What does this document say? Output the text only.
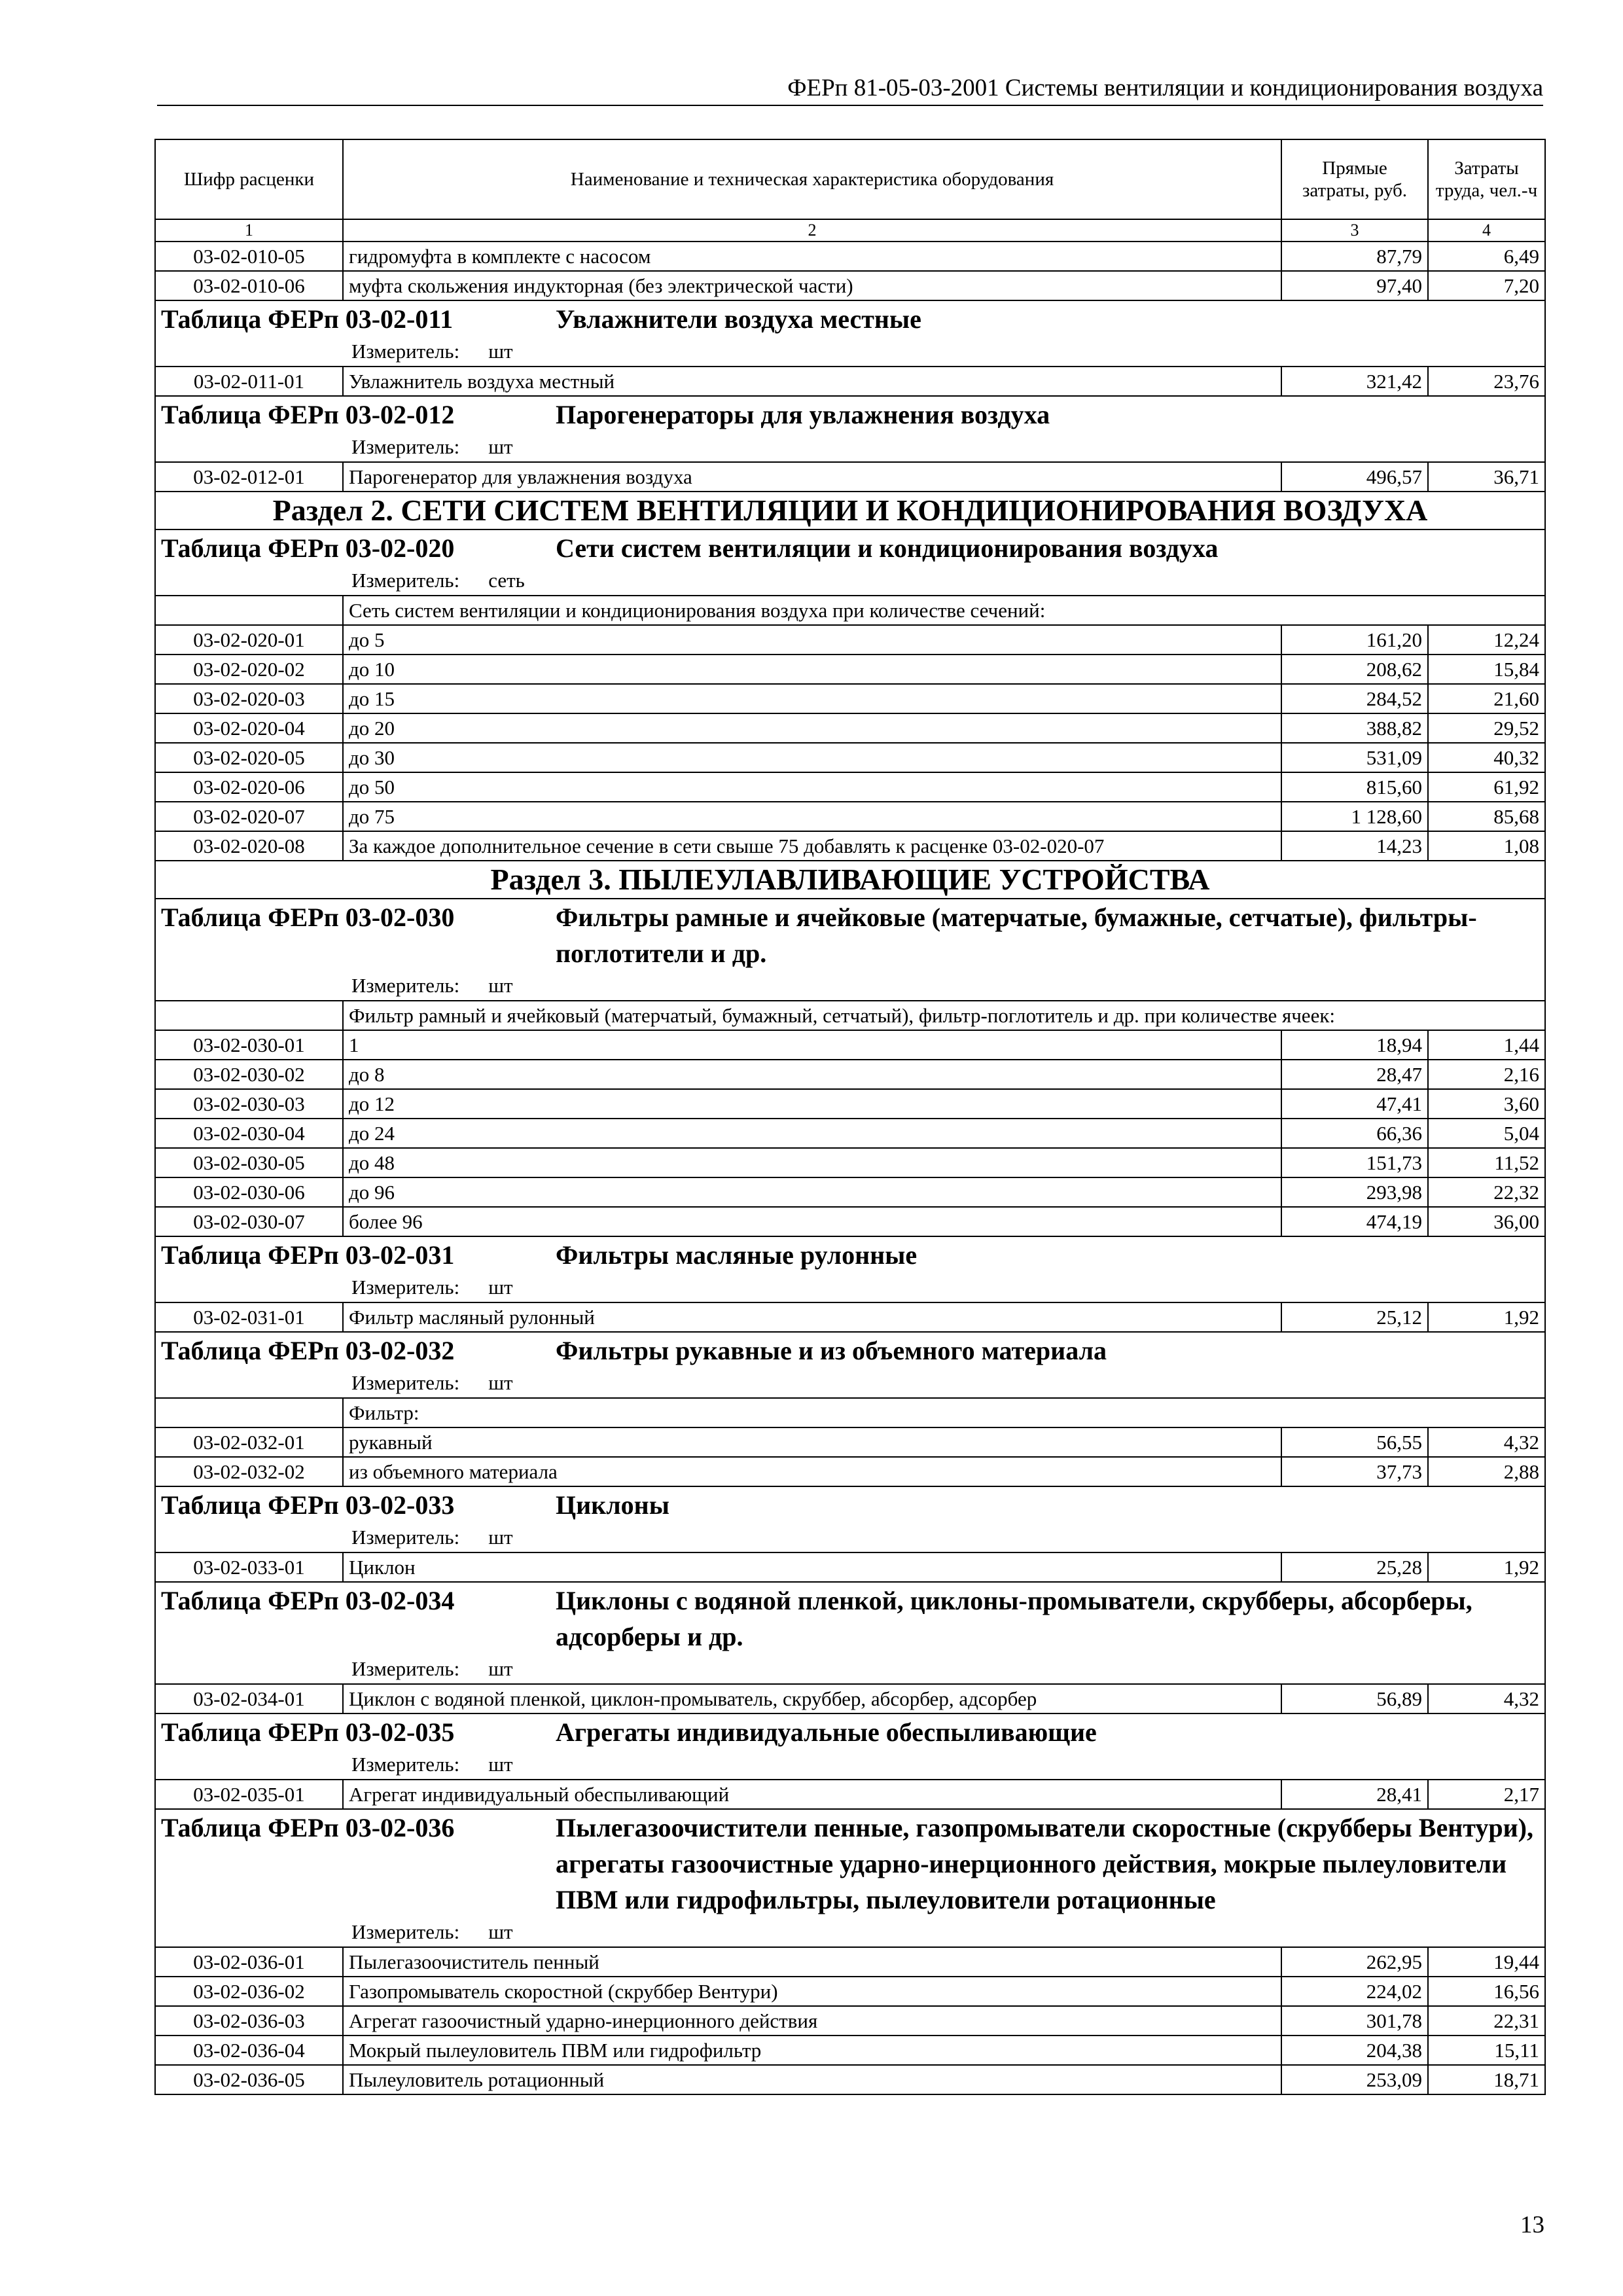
ФЕРп 81-05-03-2001 Системы вентиляции и кондиционирования воздуха
Шифр расценки	Наименование и техническая характеристика оборудования	Прямые затраты, руб.	Затраты труда, чел.-ч
1	2	3	4
03-02-010-05	гидромуфта в комплекте с насосом	87,79	6,49
03-02-010-06	муфта скольжения индукторная (без электрической части)	97,40	7,20

Таблица ФЕРп 03-02-011 Увлажнители воздуха местные			

Измеритель: шт			

03-02-011-01	Увлажнитель воздуха местный	321,42	23,76

Таблица ФЕРп 03-02-012 Парогенераторы для увлажнения воздуха			

Измеритель: шт			

03-02-012-01	Парогенератор для увлажнения воздуха	496,57	36,71
Раздел 2. СЕТИ СИСТЕМ ВЕНТИЛЯЦИИ И КОНДИЦИОНИРОВАНИЯ ВОЗДУХА			

Таблица ФЕРп 03-02-020 Сети систем вентиляции и кондиционирования воздуха			

Измеритель: сеть			

	Сеть систем вентиляции и кондиционирования воздуха при количестве сечений:		
03-02-020-01	до 5	161,20	12,24
03-02-020-02	до 10	208,62	15,84
03-02-020-03	до 15	284,52	21,60
03-02-020-04	до 20	388,82	29,52
03-02-020-05	до 30	531,09	40,32
03-02-020-06	до 50	815,60	61,92
03-02-020-07	до 75	1 128,60	85,68
03-02-020-08	За каждое дополнительное сечение в сети свыше 75 добавлять к расценке 03-02-020-07	14,23	1,08
Раздел 3. ПЫЛЕУЛАВЛИВАЮЩИЕ УСТРОЙСТВА			

Таблица ФЕРп 03-02-030 Фильтры рамные и ячейковые (матерчатые, бумажные, сетчатые), фильтры-поглотители и др.			

Измеритель: шт			

	Фильтр рамный и ячейковый (матерчатый, бумажный, сетчатый), фильтр-поглотитель и др. при количестве ячеек:		
03-02-030-01	1	18,94	1,44
03-02-030-02	до 8	28,47	2,16
03-02-030-03	до 12	47,41	3,60
03-02-030-04	до 24	66,36	5,04
03-02-030-05	до 48	151,73	11,52
03-02-030-06	до 96	293,98	22,32
03-02-030-07	более 96	474,19	36,00

Таблица ФЕРп 03-02-031 Фильтры масляные рулонные			

Измеритель: шт			

03-02-031-01	Фильтр масляный рулонный	25,12	1,92

Таблица ФЕРп 03-02-032 Фильтры рукавные и из объемного материала			

Измеритель: шт			

	Фильтр:		
03-02-032-01	рукавный	56,55	4,32
03-02-032-02	из объемного материала	37,73	2,88

Таблица ФЕРп 03-02-033 Циклоны			

Измеритель: шт			

03-02-033-01	Циклон	25,28	1,92

Таблица ФЕРп 03-02-034 Циклоны с водяной пленкой, циклоны-промыватели, скрубберы, абсорберы, адсорберы и др.			

Измеритель: шт			

03-02-034-01	Циклон с водяной пленкой, циклон-промыватель, скруббер, абсорбер, адсорбер	56,89	4,32

Таблица ФЕРп 03-02-035 Агрегаты индивидуальные обеспыливающие			

Измеритель: шт			

03-02-035-01	Агрегат индивидуальный обеспыливающий	28,41	2,17

Таблица ФЕРп 03-02-036 Пылегазоочистители пенные, газопромыватели скоростные (скрубберы Вентури), агрегаты газоочистные ударно-инерционного действия, мокрые пылеуловители ПВМ или гидрофильтры, пылеуловители ротационные			

Измеритель: шт			

03-02-036-01	Пылегазоочиститель пенный	262,95	19,44
03-02-036-02	Газопромыватель скоростной (скруббер Вентури)	224,02	16,56
03-02-036-03	Агрегат газоочистный ударно-инерционного действия	301,78	22,31
03-02-036-04	Мокрый пылеуловитель ПВМ или гидрофильтр	204,38	15,11
03-02-036-05	Пылеуловитель ротационный	253,09	18,71
13
